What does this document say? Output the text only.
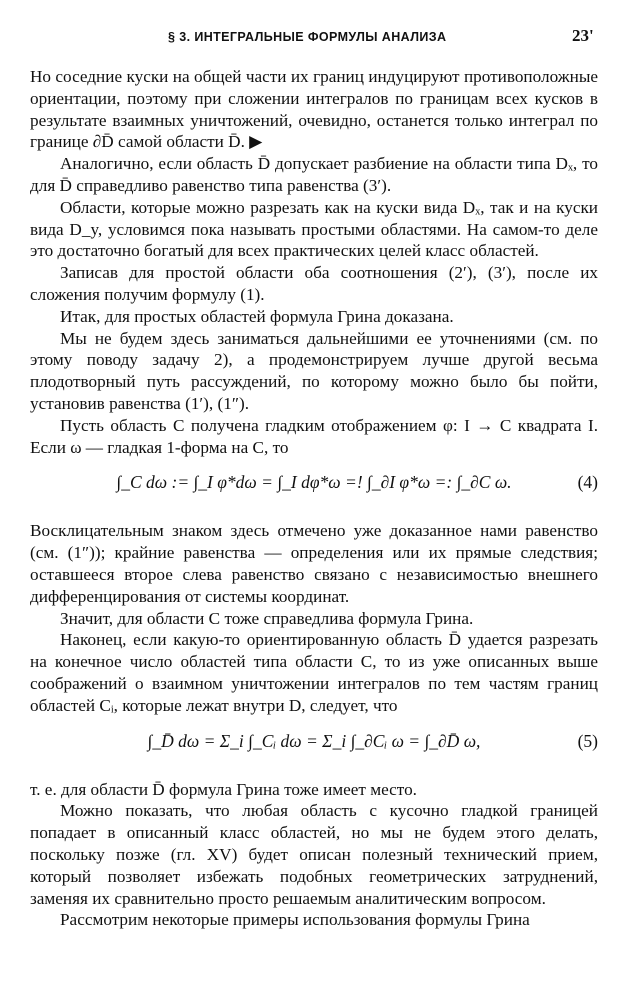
§ 3. ИНТЕГРАЛЬНЫЕ ФОРМУЛЫ АНАЛИЗА	23'

Но соседние куски на общей части их границ индуцируют противоположные ориентации, поэтому при сложении интегралов по границам всех кусков в результате взаимных уничтожений, очевидно, останется только интеграл по границе ∂D̄ самой области D̄. ▶

Аналогично, если область D̄ допускает разбиение на области типа Dₓ, то для D̄ справедливо равенство типа равенства (3′).

Области, которые можно разрезать как на куски вида Dₓ, так и на куски вида D_y, условимся пока называть простыми областями. На самом-то деле это достаточно богатый для всех практических целей класс областей.

Записав для простой области оба соотношения (2′), (3′), после их сложения получим формулу (1).

Итак, для простых областей формула Грина доказана.

Мы не будем здесь заниматься дальнейшими ее уточнениями (см. по этому поводу задачу 2), а продемонстрируем лучше другой весьма плодотворный путь рассуждений, по которому можно было бы пойти, установив равенства (1′), (1″).

Пусть область C получена гладким отображением φ: I → C квадрата I. Если ω — гладкая 1-форма на C, то

∫_C dω := ∫_I φ*dω = ∫_I dφ*ω =! ∫_∂I φ*ω =: ∫_∂C ω.	(4)

Восклицательным знаком здесь отмечено уже доказанное нами равенство (см. (1″)); крайние равенства — определения или их прямые следствия; оставшееся второе слева равенство связано с независимостью внешнего дифференцирования от системы координат.

Значит, для области C тоже справедлива формула Грина.

Наконец, если какую-то ориентированную область D̄ удается разрезать на конечное число областей типа области C, то из уже описанных выше соображений о взаимном уничтожении интегралов по тем частям границ областей Cᵢ, которые лежат внутри D, следует, что

∫_D̄ dω = Σ_i ∫_Cᵢ dω = Σ_i ∫_∂Cᵢ ω = ∫_∂D̄ ω,	(5)

т. е. для области D̄ формула Грина тоже имеет место.

Можно показать, что любая область с кусочно гладкой границей попадает в описанный класс областей, но мы не будем этого делать, поскольку позже (гл. XV) будет описан полезный технический прием, который позволяет избежать подобных геометрических затруднений, заменяя их сравнительно просто решаемым аналитическим вопросом.

Рассмотрим некоторые примеры использования формулы Грина
